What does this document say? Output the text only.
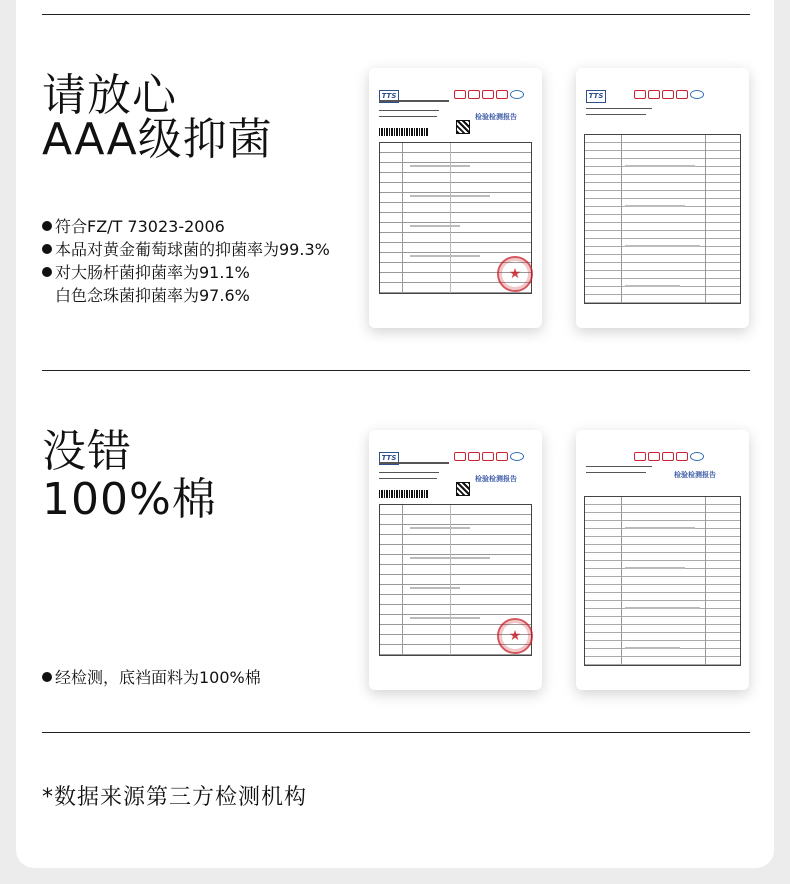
请放心
AAA级抑菌
符合FZ/T 73023-2006
本品对黄金葡萄球菌的抑菌率为99.3%
对大肠杆菌抑菌率为91.1%
白色念珠菌抑菌率为97.6%
TTS
检验检测报告
★
TTS
没错
100%棉
经检测，底裆面料为100%棉
TTS
检验检测报告
★	检验检测报告
*数据来源第三方检测机构
